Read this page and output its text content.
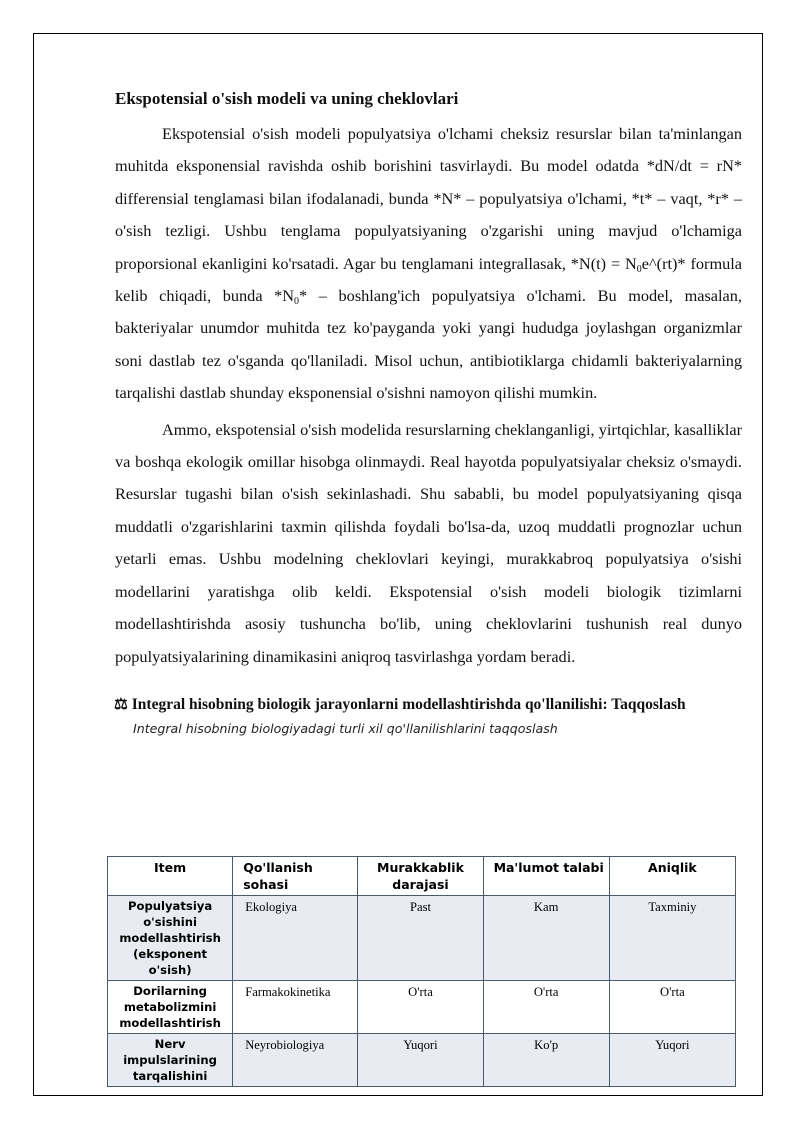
Ekspotensial o'sish modeli va uning cheklovlari

Ekspotensial o'sish modeli populyatsiya o'lchami cheksiz resurslar bilan ta'minlangan muhitda eksponensial ravishda oshib borishini tasvirlaydi. Bu model odatda *dN/dt = rN* differensial tenglamasi bilan ifodalanadi, bunda *N* – populyatsiya o'lchami, *t* – vaqt, *r* – o'sish tezligi. Ushbu tenglama populyatsiyaning o'zgarishi uning mavjud o'lchamiga proporsional ekanligini ko'rsatadi. Agar bu tenglamani integrallasak, $*N(t) = N_0e\^{}(rt)*$ formula kelib chiqadi, bunda $*N_0*$ – boshlang'ich populyatsiya o'lchami. Bu model, masalan, bakteriyalar unumdor muhitda tez ko'payganda yoki yangi hududga joylashgan organizmlar soni dastlab tez o'sganda qo'llaniladi. Misol uchun, antibiotiklarga chidamli bakteriyalarning tarqalishi dastlab shunday eksponensial o'sishni namoyon qilishi mumkin.

Ammo, ekspotensial o'sish modelida resurslarning cheklanganligi, yirtqichlar, kasalliklar va boshqa ekologik omillar hisobga olinmaydi. Real hayotda populyatsiyalar cheksiz o'smaydi. Resurslar tugashi bilan o'sish sekinlashadi. Shu sababli, bu model populyatsiyaning qisqa muddatli o'zgarishlarini taxmin qilishda foydali bo'lsa-da, uzoq muddatli prognozlar uchun yetarli emas. Ushbu modelning cheklovlari keyingi, murakkabroq populyatsiya o'sishi modellarini yaratishga olib keldi. Ekspotensial o'sish modeli biologik tizimlarni modellashtirishda asosiy tushuncha bo'lib, uning cheklovlarini tushunish real dunyo populyatsiyalarining dinamikasini aniqroq tasvirlashga yordam beradi.

⚖ Integral hisobning biologik jarayonlarni modellashtirishda qo'llanilishi: Taqqoslash
Integral hisobning biologiyadagi turli xil qo'llanilishlarini taqqoslash
Item	Qo'llanish sohasi	Murakkablik darajasi	Ma'lumot talabi	Aniqlik
Populyatsiya o'sishini modellashtirish (eksponent o'sish)	Ekologiya	Past	Kam	Taxminiy
Dorilarning metabolizmini modellashtirish	Farmakokinetika	O'rta	O'rta	O'rta
Nerv impulslarining tarqalishini	Neyrobiologiya	Yuqori	Ko'p	Yuqori
